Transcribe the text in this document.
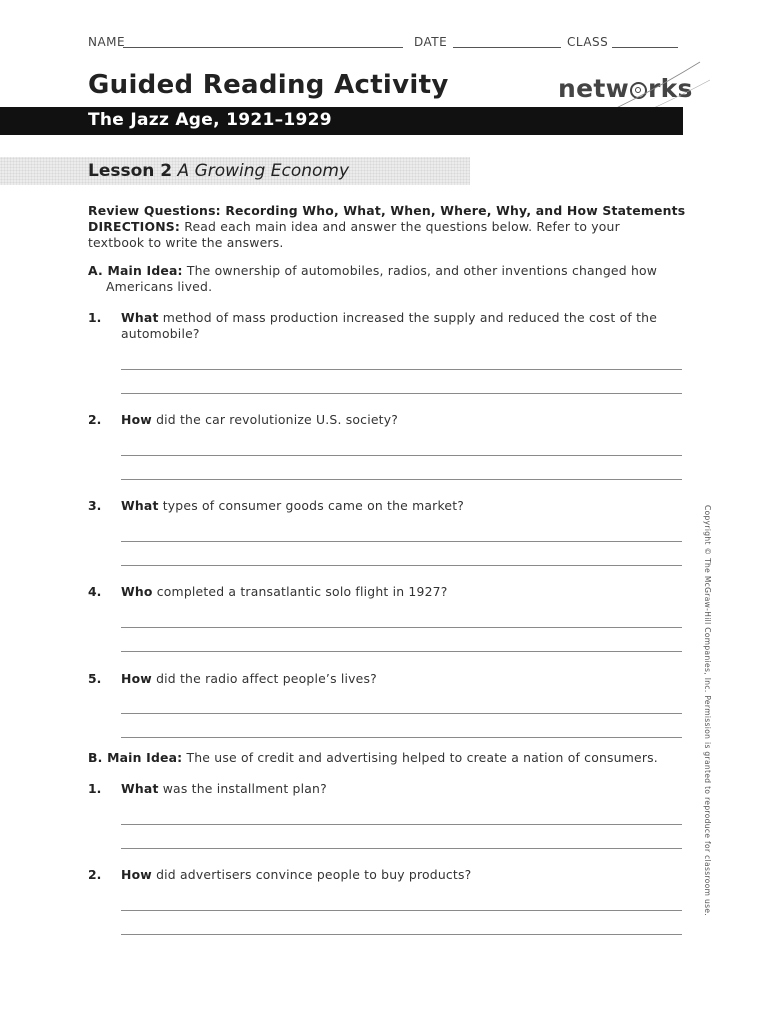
NAME	DATE	CLASS
Guided Reading Activity	netw rks
The Jazz Age, 1921–1929
Lesson 2 A Growing Economy
Review Questions: Recording Who, What, When, Where, Why, and How Statements
DIRECTIONS: Read each main idea and answer the questions below. Refer to your
textbook to write the answers.
A. Main Idea: The ownership of automobiles, radios, and other inventions changed how
Americans lived.
1. What method of mass production increased the supply and reduced the cost of the
automobile?
2. How did the car revolutionize U.S. society?
3. What types of consumer goods came on the market?
4. Who completed a transatlantic solo flight in 1927?
5. How did the radio affect people’s lives?
B. Main Idea: The use of credit and advertising helped to create a nation of consumers.
1. What was the installment plan?
2. How did advertisers convince people to buy products?	Copyright © The McGraw-Hill Companies, Inc. Permission is granted to reproduce for classroom use.
